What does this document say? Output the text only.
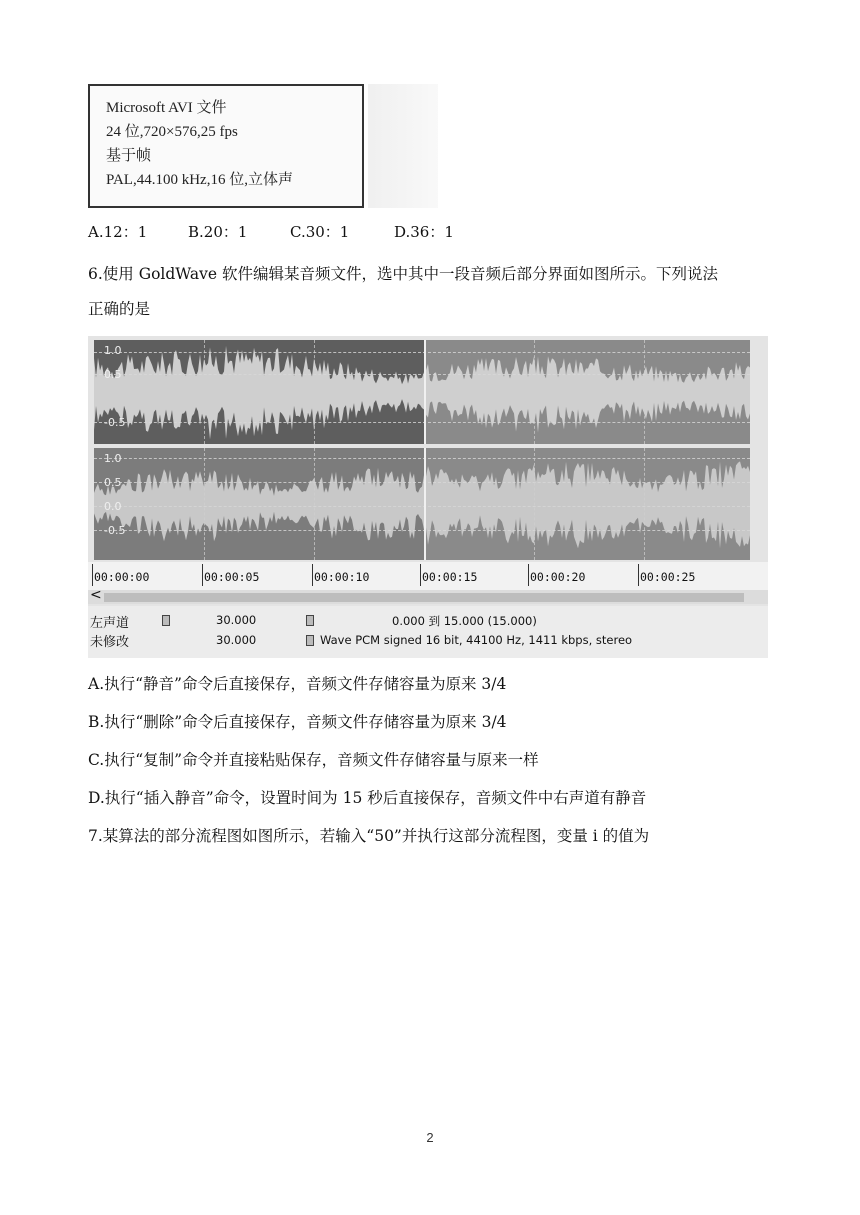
Microsoft AVI 文件
24 位,720×576,25 fps
基于帧
PAL,44.100 kHz,16 位,立体声
A.12：1	B.20：1	C.30：1	D.36：1
6.使用 GoldWave 软件编辑某音频文件，选中其中一段音频后部分界面如图所示。下列说法
正确的是
1.0
0.5
-0.5
1.0
0.5
0.0
-0.5
00:00:00	00:00:05	00:00:10	00:00:15	00:00:20	00:00:25
<
左声道	30.000	0.000 到 15.000 (15.000)
未修改	30.000	Wave PCM signed 16 bit, 44100 Hz, 1411 kbps, stereo
A.执行“静音”命令后直接保存，音频文件存储容量为原来 3/4
B.执行“删除”命令后直接保存，音频文件存储容量为原来 3/4
C.执行“复制”命令并直接粘贴保存，音频文件存储容量与原来一样
D.执行“插入静音”命令，设置时间为 15 秒后直接保存，音频文件中右声道有静音
7.某算法的部分流程图如图所示，若输入“50”并执行这部分流程图，变量 i 的值为
2
